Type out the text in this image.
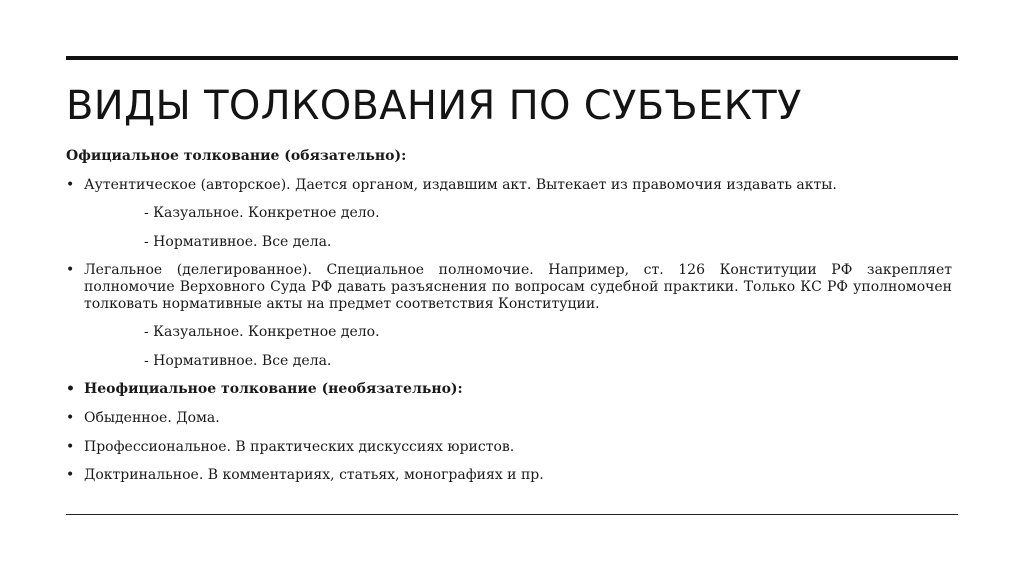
ВИДЫ ТОЛКОВАНИЯ ПО СУБЪЕКТУ
Официальное толкование (обязательно):
• Аутентическое (авторское). Дается органом, издавшим акт. Вытекает из правомочия издавать акты.
- Казуальное. Конкретное дело.
- Нормативное. Все дела.
• Легальное (делегированное). Специальное полномочие. Например, ст. 126 Конституции РФ закрепляет полномочие Верховного Суда РФ давать разъяснения по вопросам судебной практики. Только КС РФ уполномочен толковать нормативные акты на предмет соответствия Конституции.
- Казуальное. Конкретное дело.
- Нормативное. Все дела.
• Неофициальное толкование (необязательно):
• Обыденное. Дома.
• Профессиональное. В практических дискуссиях юристов.
• Доктринальное. В комментариях, статьях, монографиях и пр.
